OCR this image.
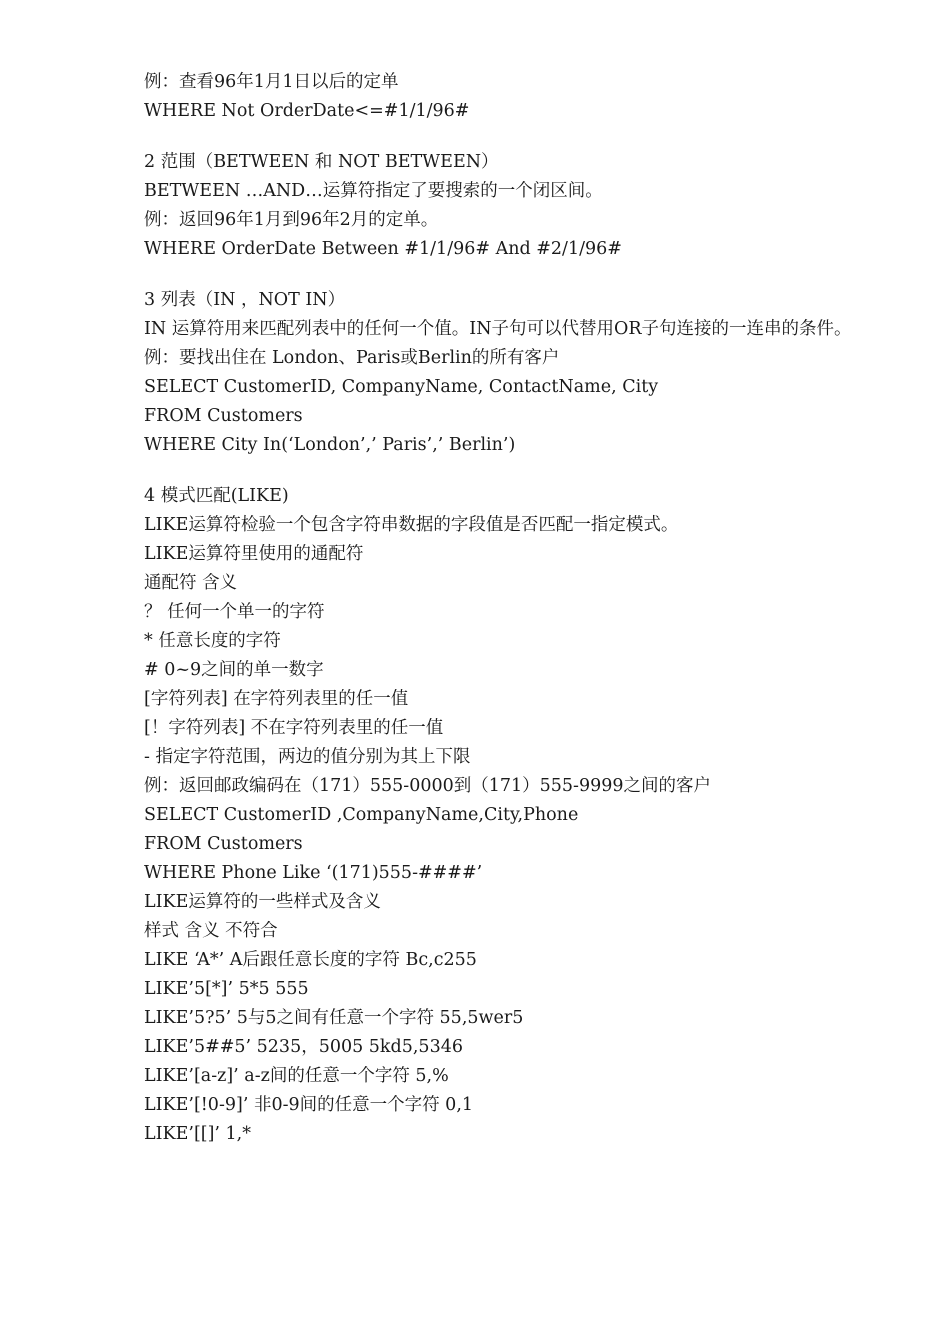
例：查看96年1月1日以后的定单
WHERE Not OrderDate<=#1/1/96#
2 范围（BETWEEN 和 NOT BETWEEN）
BETWEEN …AND…运算符指定了要搜索的一个闭区间。
例：返回96年1月到96年2月的定单。
WHERE OrderDate Between #1/1/96# And #2/1/96#
3 列表（IN ，NOT IN）
IN 运算符用来匹配列表中的任何一个值。IN子句可以代替用OR子句连接的一连串的条件。
例：要找出住在 London、Paris或Berlin的所有客户
SELECT CustomerID, CompanyName, ContactName, City
FROM Customers
WHERE City In(‘London’,’ Paris’,’ Berlin’)
4 模式匹配(LIKE)
LIKE运算符检验一个包含字符串数据的字段值是否匹配一指定模式。
LIKE运算符里使用的通配符
通配符 含义
？ 任何一个单一的字符
* 任意长度的字符
# 0~9之间的单一数字
[字符列表] 在字符列表里的任一值
[！字符列表] 不在字符列表里的任一值
- 指定字符范围，两边的值分别为其上下限
例：返回邮政编码在（171）555-0000到（171）555-9999之间的客户
SELECT CustomerID ,CompanyName,City,Phone
FROM Customers
WHERE Phone Like ‘(171)555-####’
LIKE运算符的一些样式及含义
样式 含义 不符合
LIKE ‘A*’ A后跟任意长度的字符 Bc,c255
LIKE’5[*]’ 5*5 555
LIKE’5?5’ 5与5之间有任意一个字符 55,5wer5
LIKE’5##5’ 5235，5005 5kd5,5346
LIKE’[a-z]’ a-z间的任意一个字符 5,%
LIKE’[!0-9]’ 非0-9间的任意一个字符 0,1
LIKE’[[]’ 1,*
